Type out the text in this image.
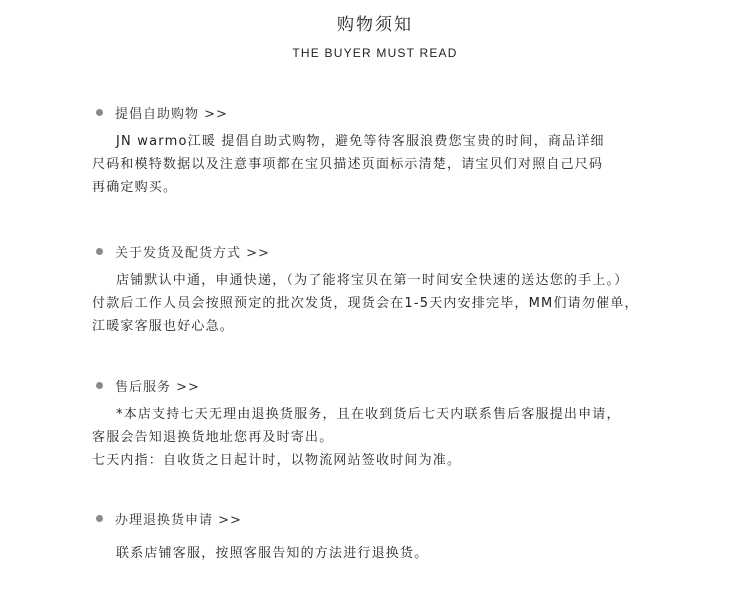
购物须知
THE BUYER MUST READ
提倡自助购物 >>
JN warmo江暖 提倡自助式购物，避免等待客服浪费您宝贵的时间，商品详细
尺码和模特数据以及注意事项都在宝贝描述页面标示清楚，请宝贝们对照自己尺码
再确定购买。
关于发货及配货方式 >>
店铺默认中通，申通快递，（为了能将宝贝在第一时间安全快速的送达您的手上。）
付款后工作人员会按照预定的批次发货，现货会在1-5天内安排完毕，MM们请勿催单，
江暖家客服也好心急。
售后服务 >>
*本店支持七天无理由退换货服务，且在收到货后七天内联系售后客服提出申请，
客服会告知退换货地址您再及时寄出。
七天内指：自收货之日起计时，以物流网站签收时间为准。
办理退换货申请 >>
联系店铺客服，按照客服告知的方法进行退换货。
